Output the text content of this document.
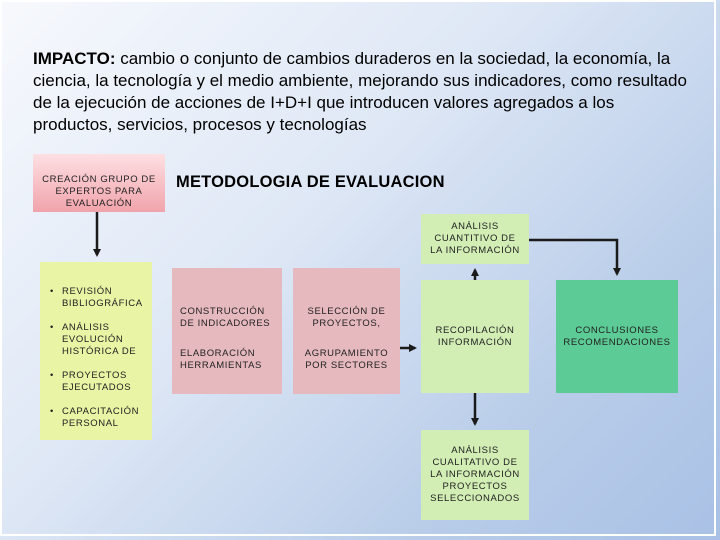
IMPACTO: cambio o conjunto de cambios duraderos en la sociedad, la economía, la ciencia, la tecnología y el medio ambiente, mejorando sus indicadores, como resultado de la ejecución de acciones de I+D+I que introducen valores agregados a los productos, servicios, procesos y tecnologías
CREACIÓN GRUPO DE EXPERTOS PARA EVALUACIÓN
METODOLOGIA DE EVALUACION
• REVISIÓN BIBLIOGRÁFICA
• ANÁLISIS EVOLUCIÓN HISTÓRICA DE
• PROYECTOS EJECUTADOS
• CAPACITACIÓN PERSONAL
CONSTRUCCIÓN DE INDICADORES
ELABORACIÓN HERRAMIENTAS
SELECCIÓN DE PROYECTOS,
AGRUPAMIENTO POR SECTORES
ANÁLISIS CUANTITIVO DE LA INFORMACIÓN
RECOPILACIÓN INFORMACIÓN
ANÁLISIS CUALITATIVO DE LA INFORMACIÓN PROYECTOS SELECCIONADOS
CONCLUSIONES RECOMENDACIONES
